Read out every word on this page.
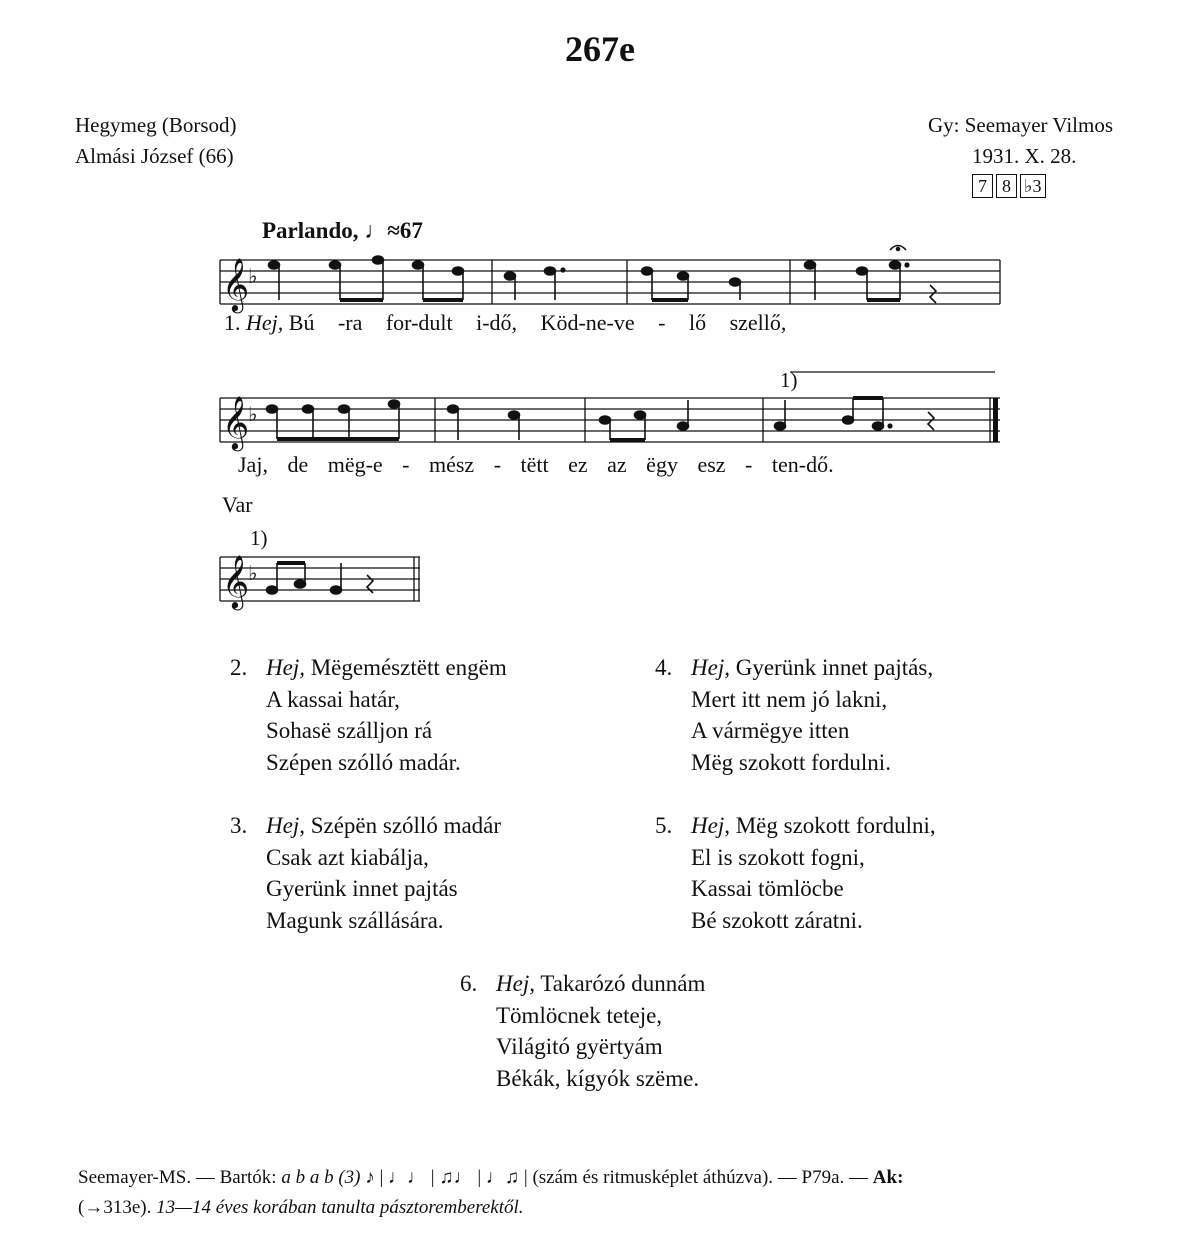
267e
Hegymeg (Borsod)
Almási József (66)
Gy: Seemayer Vilmos
1931. X. 28.
7 8 ♭3
Parlando, ♩≈67
𝄞
♭
𝄞
♭
𝄞
♭
1. Hej, Bú -ra for-dult i-dő, Köd-ne-ve - lő szellő,
1)
Jaj, de mëg-e - mész - tëtt ez az ëgy esz - ten-dő.
Var
1)
2. Hej, Mëgemésztëtt engëm
A kassai határ,
Sohasë szálljon rá
Szépen szólló madár.
3. Hej, Szépën szólló madár
Csak azt kiabálja,
Gyerünk innet pajtás
Magunk szállására.
4. Hej, Gyerünk innet pajtás,
Mert itt nem jó lakni,
A vármëgye itten
Mëg szokott fordulni.
5. Hej, Mëg szokott fordulni,
El is szokott fogni,
Kassai tömlöcbe
Bé szokott záratni.
6. Hej, Takarózó dunnám
Tömlöcnek teteje,
Világitó gyërtyám
Békák, kígyók szëme.
Seemayer-MS. — Bartók: a b a b (3) ♪ | ♩♩ | ♫♩ | ♩♫ | (szám és ritmusképlet áthúzva). — P79a. — Ak:
(→313e). 13—14 éves korában tanulta pásztoremberektől.
